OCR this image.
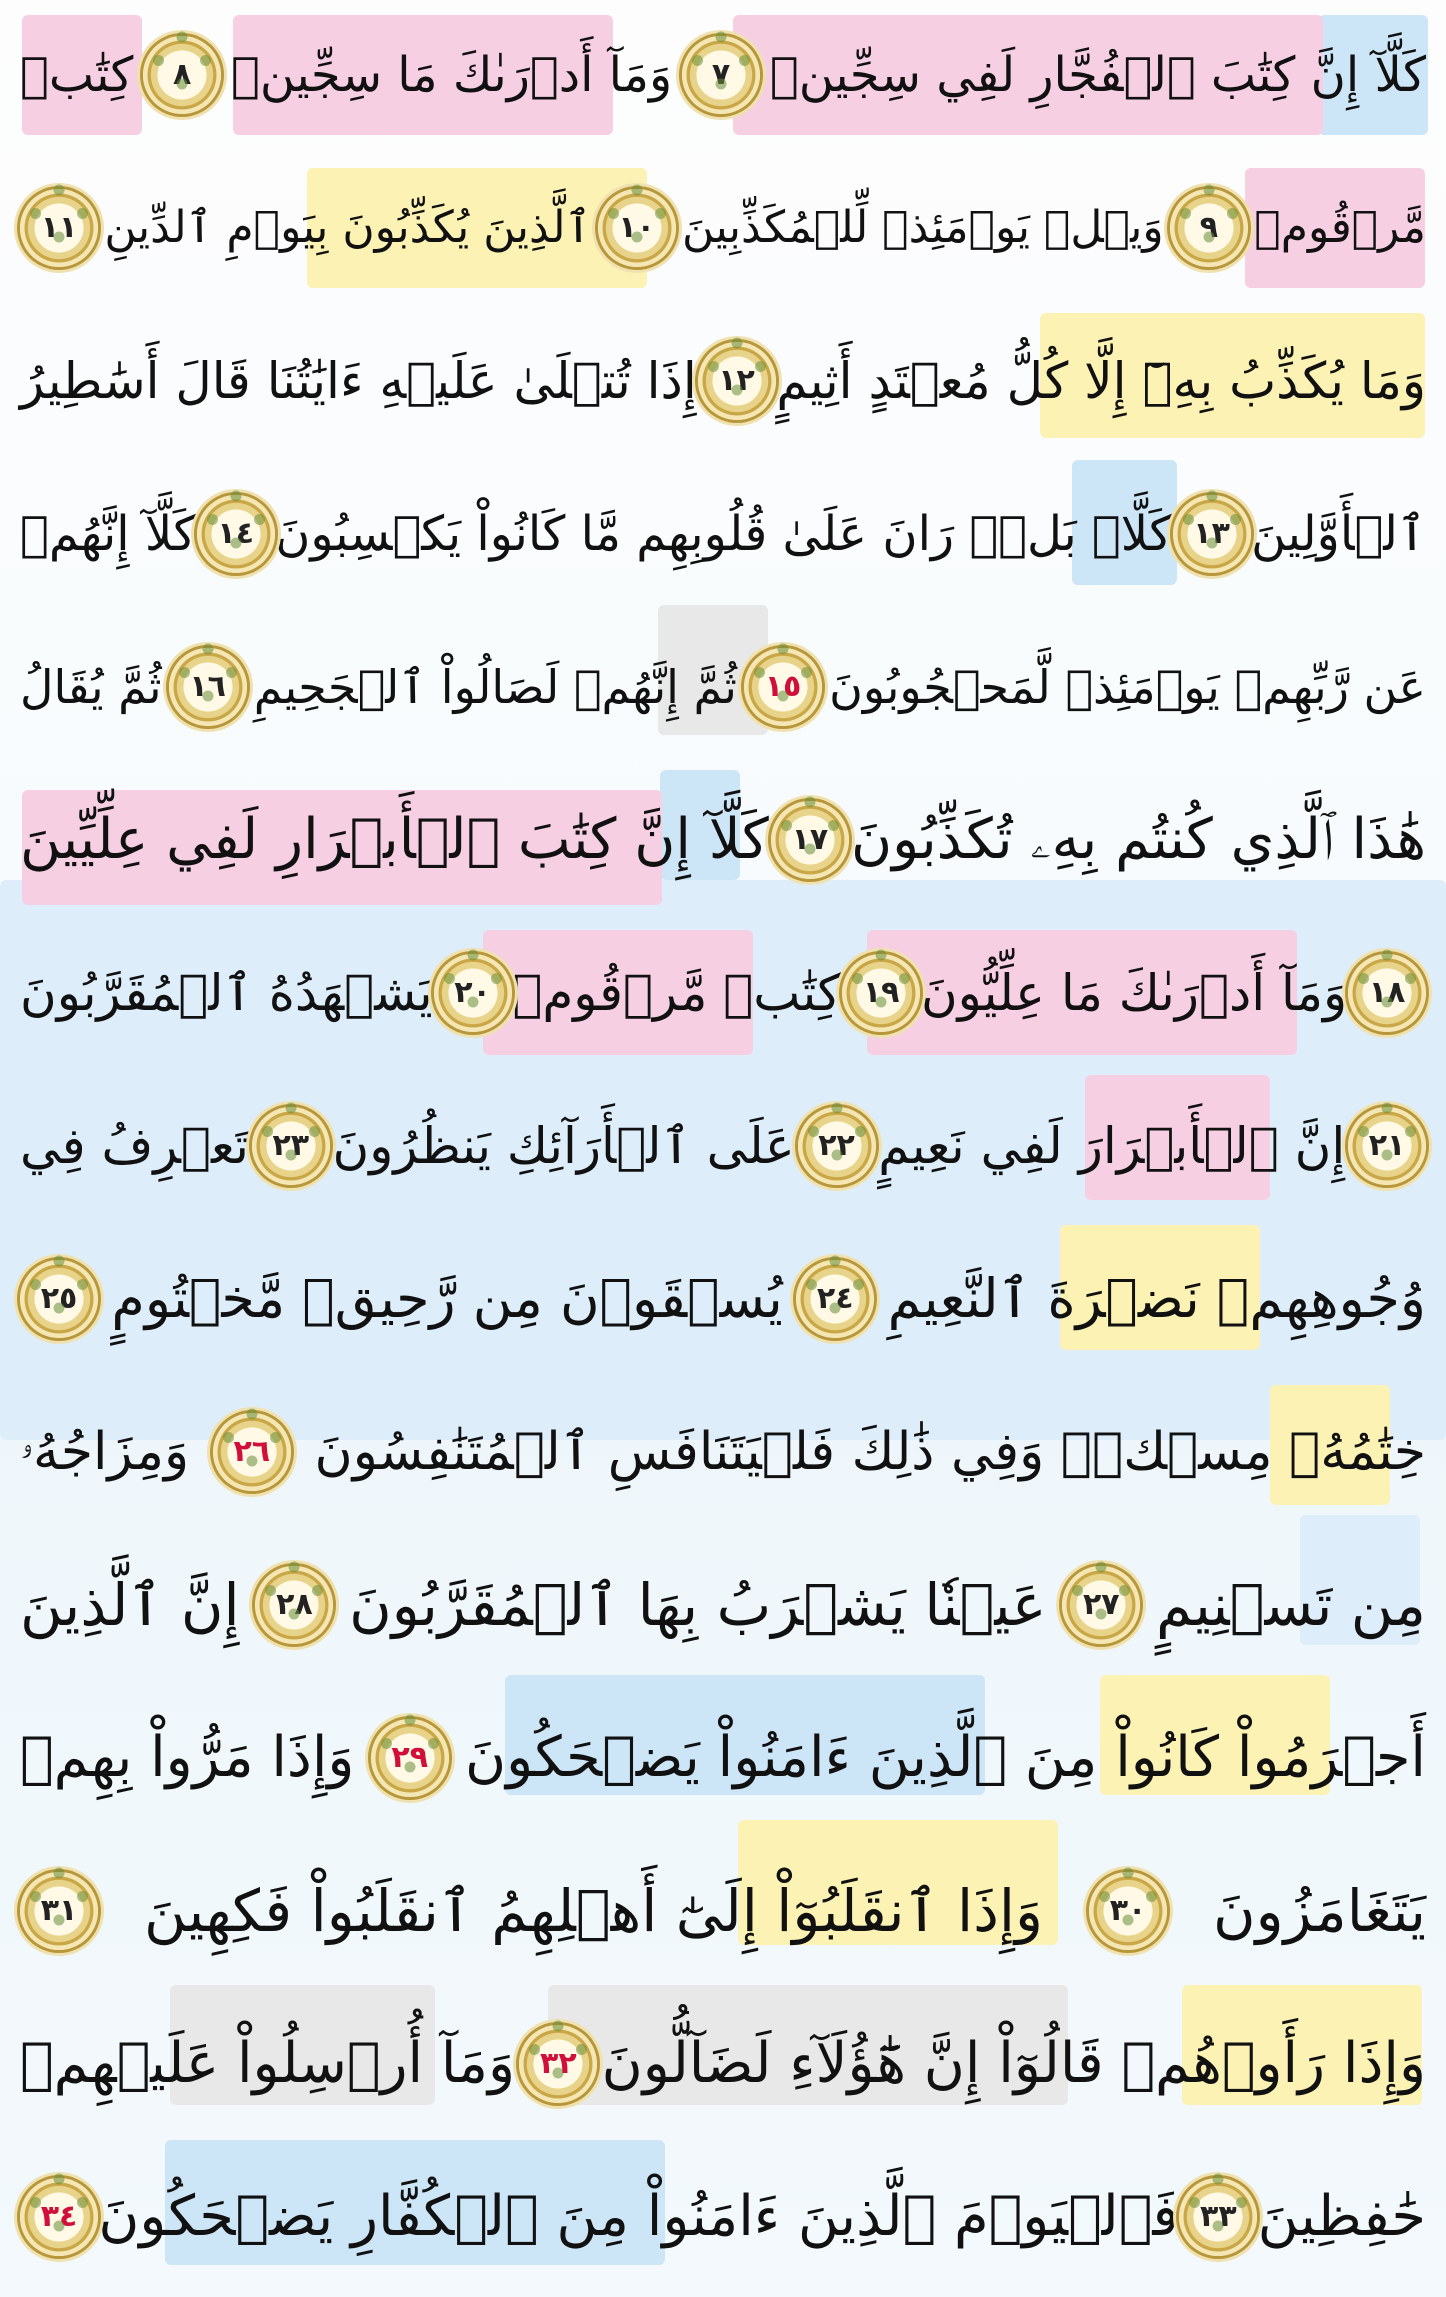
كَلَّآ إِنَّ كِتَٰبَ ٱلۡفُجَّارِ لَفِي سِجِّينٖ
٧
وَمَآ أَدۡرَىٰكَ مَا سِجِّينٞ
٨
كِتَٰبٞ
مَّرۡقُومٞ
٩
وَيۡلٞ يَوۡمَئِذٖ لِّلۡمُكَذِّبِينَ
١٠
ٱلَّذِينَ يُكَذِّبُونَ بِيَوۡمِ ٱلدِّينِ
١١
وَمَا يُكَذِّبُ بِهِۦٓ إِلَّا كُلُّ مُعۡتَدٍ أَثِيمٍ
١٢
إِذَا تُتۡلَىٰ عَلَيۡهِ ءَايَٰتُنَا قَالَ أَسَٰطِيرُ
ٱلۡأَوَّلِينَ
١٣
كَلَّاۖ بَلۡۜ رَانَ عَلَىٰ قُلُوبِهِم مَّا كَانُواْ يَكۡسِبُونَ
١٤
كَلَّآ إِنَّهُمۡ
عَن رَّبِّهِمۡ يَوۡمَئِذٖ لَّمَحۡجُوبُونَ
١٥
ثُمَّ إِنَّهُمۡ لَصَالُواْ ٱلۡجَحِيمِ
١٦
ثُمَّ يُقَالُ
هَٰذَا ٱلَّذِي كُنتُم بِهِۦ تُكَذِّبُونَ
١٧
كَلَّآ إِنَّ كِتَٰبَ ٱلۡأَبۡرَارِ لَفِي عِلِّيِّينَ
١٨
وَمَآ أَدۡرَىٰكَ مَا عِلِّيُّونَ
١٩
كِتَٰبٞ مَّرۡقُومٞ
٢٠
يَشۡهَدُهُ ٱلۡمُقَرَّبُونَ
٢١
إِنَّ ٱلۡأَبۡرَارَ لَفِي نَعِيمٍ
٢٢
عَلَى ٱلۡأَرَآئِكِ يَنظُرُونَ
٢٣
تَعۡرِفُ فِي
وُجُوهِهِمۡ نَضۡرَةَ ٱلنَّعِيمِ
٢٤
يُسۡقَوۡنَ مِن رَّحِيقٖ مَّخۡتُومٍ
٢٥
خِتَٰمُهُۥ مِسۡكٞۚ وَفِي ذَٰلِكَ فَلۡيَتَنَافَسِ ٱلۡمُتَنَٰفِسُونَ
٢٦
وَمِزَاجُهُۥ
مِن تَسۡنِيمٍ
٢٧
عَيۡنٗا يَشۡرَبُ بِهَا ٱلۡمُقَرَّبُونَ
٢٨
إِنَّ ٱلَّذِينَ
أَجۡرَمُواْ كَانُواْ مِنَ ٱلَّذِينَ ءَامَنُواْ يَضۡحَكُونَ
٢٩
وَإِذَا مَرُّواْ بِهِمۡ
يَتَغَامَزُونَ
٣٠
وَإِذَا ٱنقَلَبُوٓاْ إِلَىٰٓ أَهۡلِهِمُ ٱنقَلَبُواْ فَكِهِينَ
٣١
وَإِذَا رَأَوۡهُمۡ قَالُوٓاْ إِنَّ هَٰٓؤُلَآءِ لَضَآلُّونَ
٣٢
وَمَآ أُرۡسِلُواْ عَلَيۡهِمۡ
حَٰفِظِينَ
٣٣
فَٱلۡيَوۡمَ ٱلَّذِينَ ءَامَنُواْ مِنَ ٱلۡكُفَّارِ يَضۡحَكُونَ
٣٤
